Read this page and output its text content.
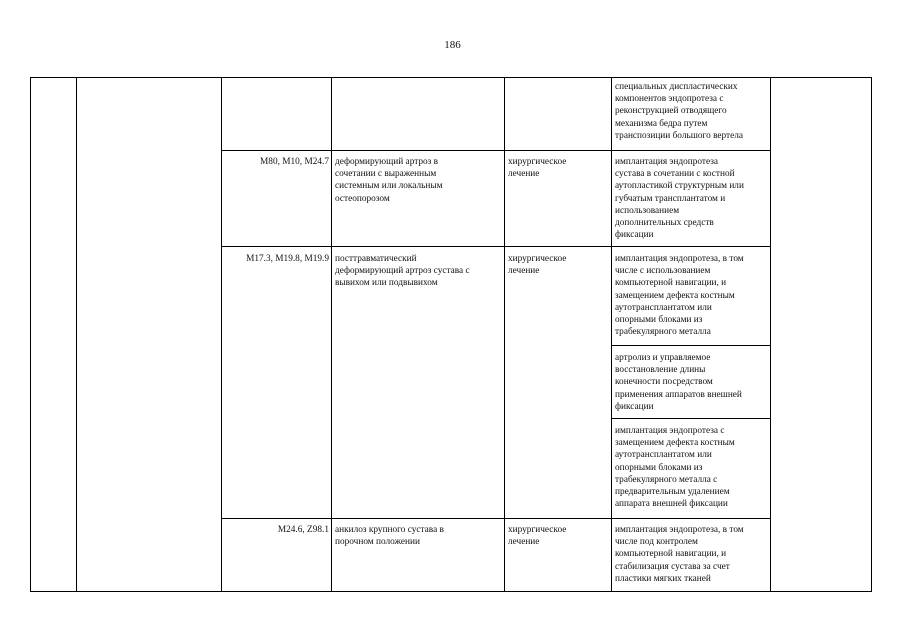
186
специальных диспластических
компонентов эндопротеза с
реконструкцией отводящего
механизма бедра путем
транспозиции большого вертела
M80, M10, M24.7 деформирующий артроз в
сочетании с выраженным
системным или локальным
остеопорозом
хирургическое
лечение
имплантация эндопротеза
сустава в сочетании с костной
аутопластикой структурным или
губчатым трансплантатом и
использованием
дополнительных средств
фиксации
M17.3, M19.8, M19.9 посттравматический
деформирующий артроз сустава с
вывихом или подвывихом
хирургическое
лечение
имплантация эндопротеза, в том
числе с использованием
компьютерной навигации, и
замещением дефекта костным
аутотрансплантатом или
опорными блоками из
трабекулярного металла
артролиз и управляемое
восстановление длины
конечности посредством
применения аппаратов внешней
фиксации
имплантация эндопротеза с
замещением дефекта костным
аутотрансплантатом или
опорными блоками из
трабекулярного металла с
предварительным удалением
аппарата внешней фиксации
M24.6, Z98.1 анкилоз крупного сустава в
порочном положении
хирургическое
лечение
имплантация эндопротеза, в том
числе под контролем
компьютерной навигации, и
стабилизация сустава за счет
пластики мягких тканей
